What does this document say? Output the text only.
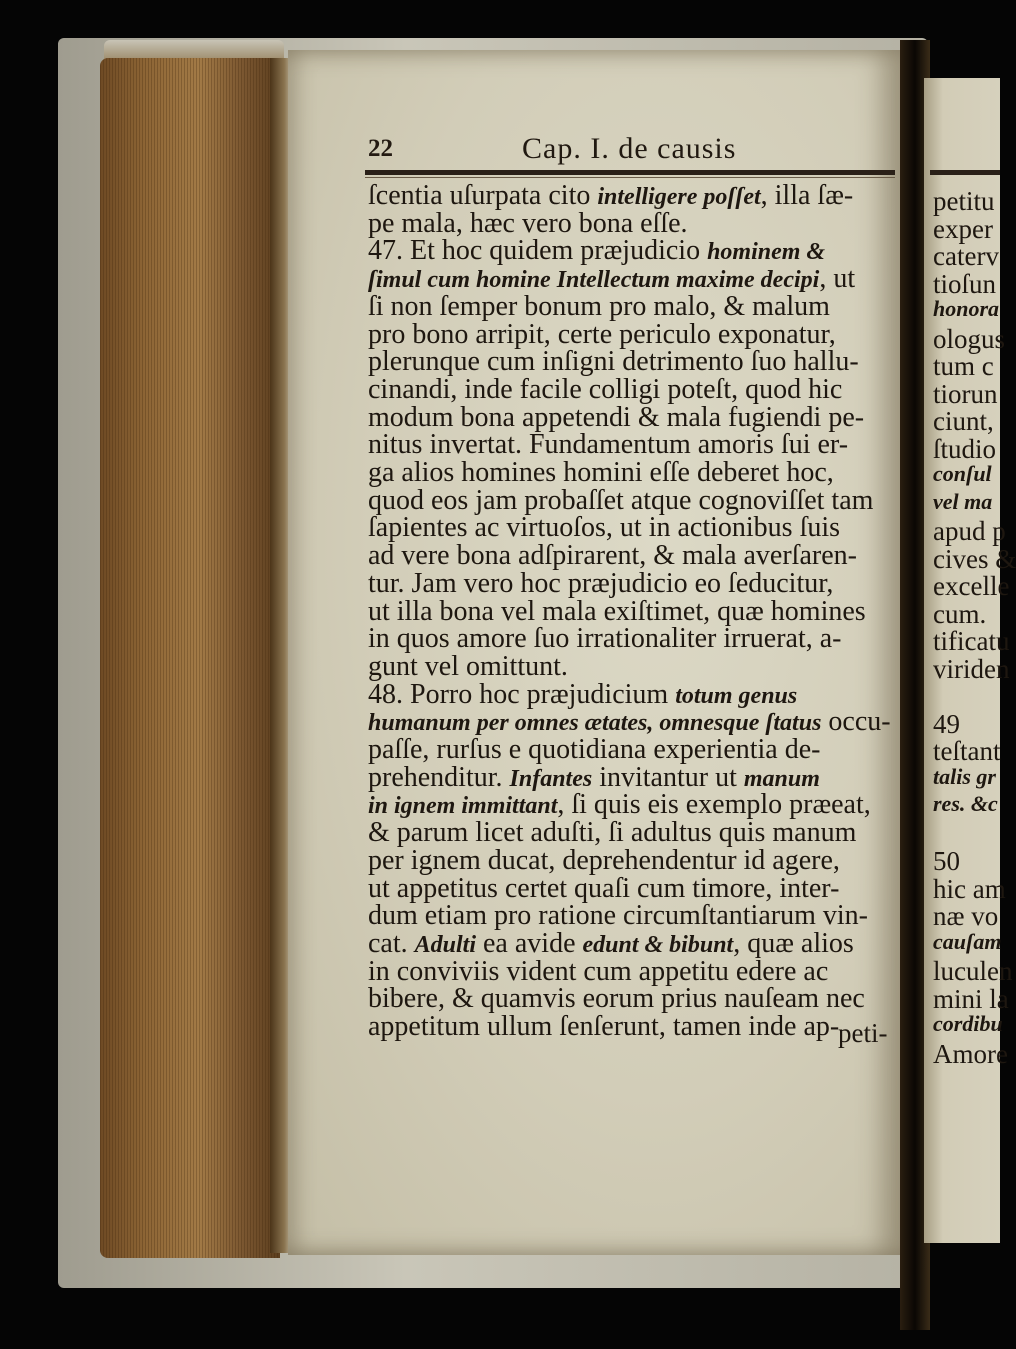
22	Cap. I. de causis
ſcentia uſurpata cito intelligere poſſet, illa ſæ-
pe mala, hæc vero bona eſſe.
47. Et hoc quidem præjudicio hominem &
ſimul cum homine Intellectum maxime decipi, ut
ſi non ſemper bonum pro malo, & malum
pro bono arripit, certe periculo exponatur,
plerunque cum inſigni detrimento ſuo hallu-
cinandi, inde facile colligi poteſt, quod hic
modum bona appetendi & mala fugiendi pe-
nitus invertat. Fundamentum amoris ſui er-
ga alios homines homini eſſe deberet hoc,
quod eos jam probaſſet atque cognoviſſet tam
ſapientes ac virtuoſos, ut in actionibus ſuis
ad vere bona adſpirarent, & mala averſaren-
tur. Jam vero hoc præjudicio eo ſeducitur,
ut illa bona vel mala exiſtimet, quæ homines
in quos amore ſuo irrationaliter irruerat, a-
gunt vel omittunt.
48. Porro hoc præjudicium totum genus
humanum per omnes ætates, omnesque ſtatus occu-
paſſe, rurſus e quotidiana experientia de-
prehenditur. Infantes invitantur ut manum
in ignem immittant, ſi quis eis exemplo præeat,
& parum licet aduſti, ſi adultus quis manum
per ignem ducat, deprehendentur id agere,
ut appetitus certet quaſi cum timore, inter-
dum etiam pro ratione circumſtantiarum vin-
cat. Adulti ea avide edunt & bibunt, quæ alios
in conviviis vident cum appetitu edere ac
bibere, & quamvis eorum prius nauſeam nec
appetitum ullum ſenſerunt, tamen inde ap-
peti-
petitu
exper
caterv
tioſun
honora
ologus
tum c
tiorun
ciunt,
ſtudio
conſul
vel ma
apud p
cives &
excelle
cum.
tificatu
viriden
49
teſtant
talis gr
res. &c
50
hic am
næ vo
cauſam
luculen
mini la
cordibu
Amore
